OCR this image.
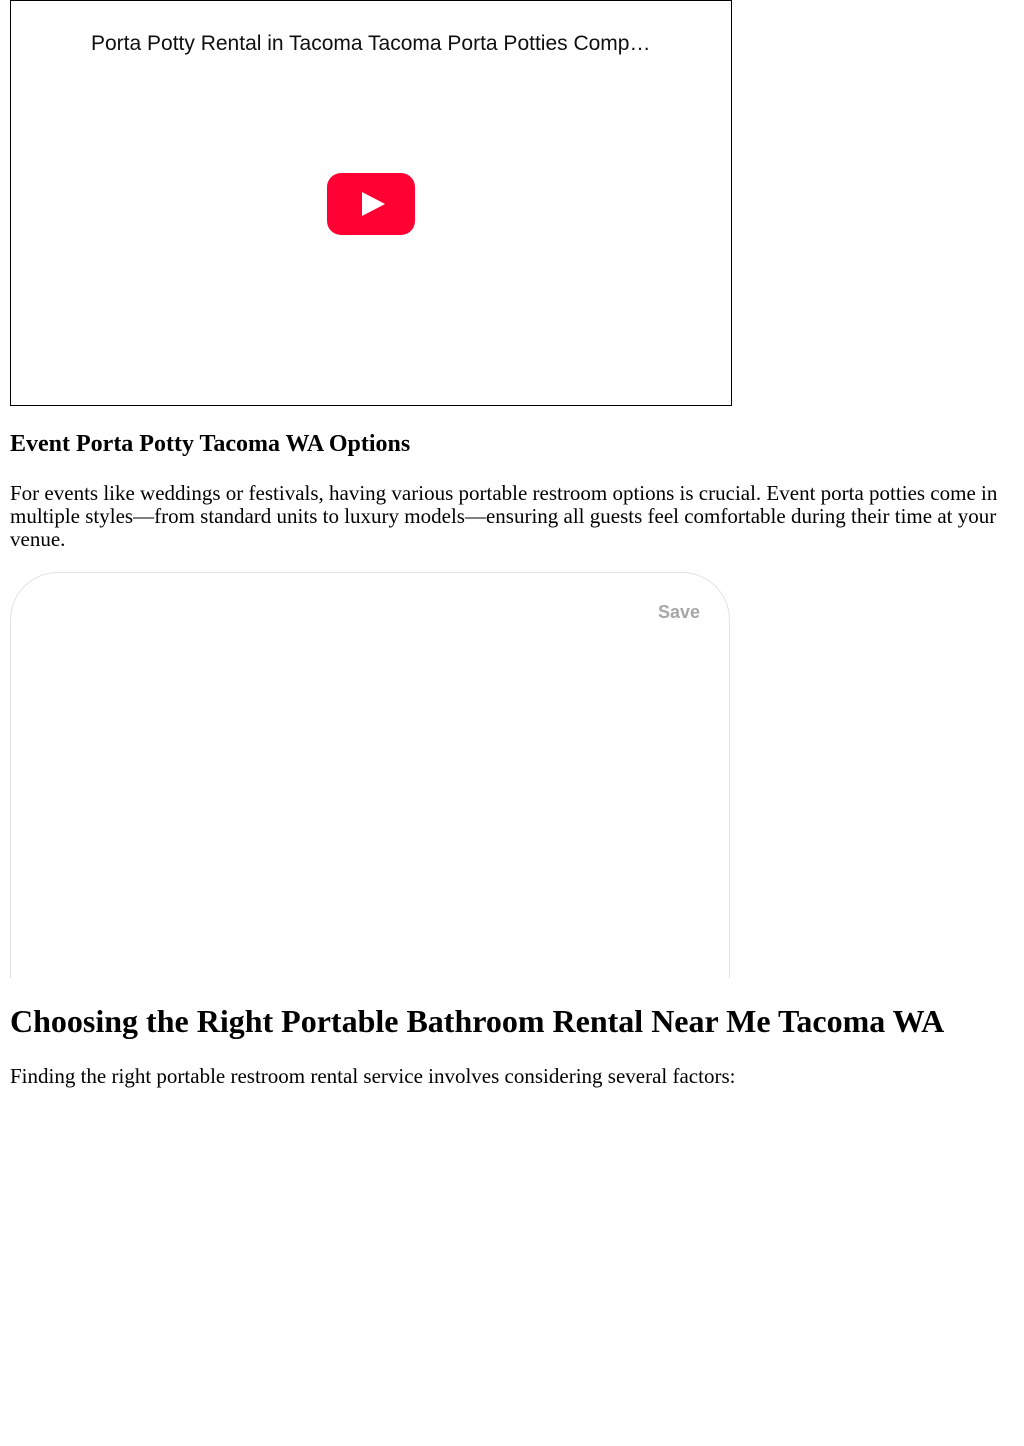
Porta Potty Rental in Tacoma Tacoma Porta Potties Comp…
Event Porta Potty Tacoma WA Options

For events like weddings or festivals, having various portable restroom options is crucial. Event porta potties come in multiple styles—from standard units to luxury models—ensuring all guests feel comfortable during their time at your venue.

Save
Choosing the Right Portable Bathroom Rental Near Me Tacoma WA

Finding the right portable restroom rental service involves considering several factors:
